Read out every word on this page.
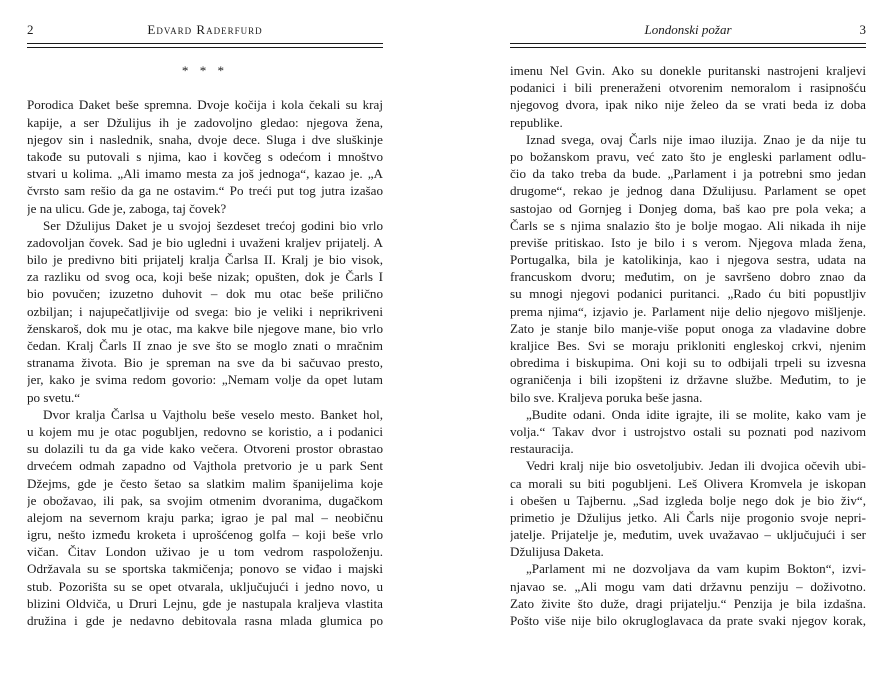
2	Edvard Raderfurd
* * *
Porodica Daket beše spremna. Dvoje kočija i kola čekali su kraj
kapije, a ser Džulijus ih je zadovoljno gledao: njegova žena,
njegov sin i naslednik, snaha, dvoje dece. Sluga i dve sluškinje
takođe su putovali s njima, kao i kovčeg s odećom i mnoštvo
stvari u kolima. „Ali imamo mesta za još jednoga“, kazao je. „A
čvrsto sam rešio da ga ne ostavim.“ Po treći put tog jutra izašao
je na ulicu. Gde je, zaboga, taj čovek?
Ser Džulijus Daket je u svojoj šezdeset trećoj godini bio vrlo
zadovoljan čovek. Sad je bio ugledni i uvaženi kraljev prijatelj. A
bilo je predivno biti prijatelj kralja Čarlsa II. Kralj je bio visok,
za razliku od svog oca, koji beše nizak; opušten, dok je Čarls I
bio povučen; izuzetno duhovit – dok mu otac beše prilično
ozbiljan; i najupečatljivije od svega: bio je veliki i neprikriveni
ženskaroš, dok mu je otac, ma kakve bile njegove mane, bio vrlo
čedan. Kralj Čarls II znao je sve što se moglo znati o mračnim
stranama života. Bio je spreman na sve da bi sačuvao presto,
jer, kako je svima redom govorio: „Nemam volje da opet lutam
po svetu.“
Dvor kralja Čarlsa u Vajtholu beše veselo mesto. Banket hol,
u kojem mu je otac pogubljen, redovno se koristio, a i podanici
su dolazili tu da ga vide kako večera. Otvoreni prostor obrastao
drvećem odmah zapadno od Vajthola pretvorio je u park Sent
Džejms, gde je često šetao sa slatkim malim španijelima koje
je obožavao, ili pak, sa svojim otmenim dvoranima, dugačkom
alejom na severnom kraju parka; igrao je pal mal – neobičnu
igru, nešto između kroketa i uprošćenog golfa – koji beše vrlo
vičan. Čitav London uživao je u tom vedrom raspoloženju.
Održavala su se sportska takmičenja; ponovo se viđao i majski
stub. Pozorišta su se opet otvarala, uključujući i jedno novo, u
blizini Oldviča, u Druri Lejnu, gde je nastupala kraljeva vlastita
družina i gde je nedavno debitovala rasna mlada glumica po
Londonski požar	3
imenu Nel Gvin. Ako su donekle puritanski nastrojeni kraljevi
podanici i bili preneraženi otvorenim nemoralom i rasipnošću
njegovog dvora, ipak niko nije želeo da se vrati beda iz doba
republike.
Iznad svega, ovaj Čarls nije imao iluzija. Znao je da nije tu
po božanskom pravu, već zato što je engleski parlament odlu-
čio da tako treba da bude. „Parlament i ja potrebni smo jedan
drugome“, rekao je jednog dana Džulijusu. Parlament se opet
sastojao od Gornjeg i Donjeg doma, baš kao pre pola veka; a
Čarls se s njima snalazio što je bolje mogao. Ali nikada ih nije
previše pritiskao. Isto je bilo i s verom. Njegova mlada žena,
Portugalka, bila je katolikinja, kao i njegova sestra, udata na
francuskom dvoru; međutim, on je savršeno dobro znao da
su mnogi njegovi podanici puritanci. „Rado ću biti popustljiv
prema njima“, izjavio je. Parlament nije delio njegovo mišljenje.
Zato je stanje bilo manje-više poput onoga za vladavine dobre
kraljice Bes. Svi se moraju prikloniti engleskoj crkvi, njenim
obredima i biskupima. Oni koji su to odbijali trpeli su izvesna
ograničenja i bili izopšteni iz državne službe. Međutim, to je
bilo sve. Kraljeva poruka beše jasna.
„Budite odani. Onda idite igrajte, ili se molite, kako vam je
volja.“ Takav dvor i ustrojstvo ostali su poznati pod nazivom
restauracija.
Vedri kralj nije bio osvetoljubiv. Jedan ili dvojica očevih ubi-
ca morali su biti pogubljeni. Leš Olivera Kromvela je iskopan
i obešen u Tajbernu. „Sad izgleda bolje nego dok je bio živ“,
primetio je Džulijus jetko. Ali Čarls nije progonio svoje nepri-
jatelje. Prijatelje je, međutim, uvek uvažavao – uključujući i ser
Džulijusa Daketa.
„Parlament mi ne dozvoljava da vam kupim Bokton“, izvi-
njavao se. „Ali mogu vam dati državnu penziju – doživotno.
Zato živite što duže, dragi prijatelju.“ Penzija je bila izdašna.
Pošto više nije bilo okrugloglavaca da prate svaki njegov korak,
